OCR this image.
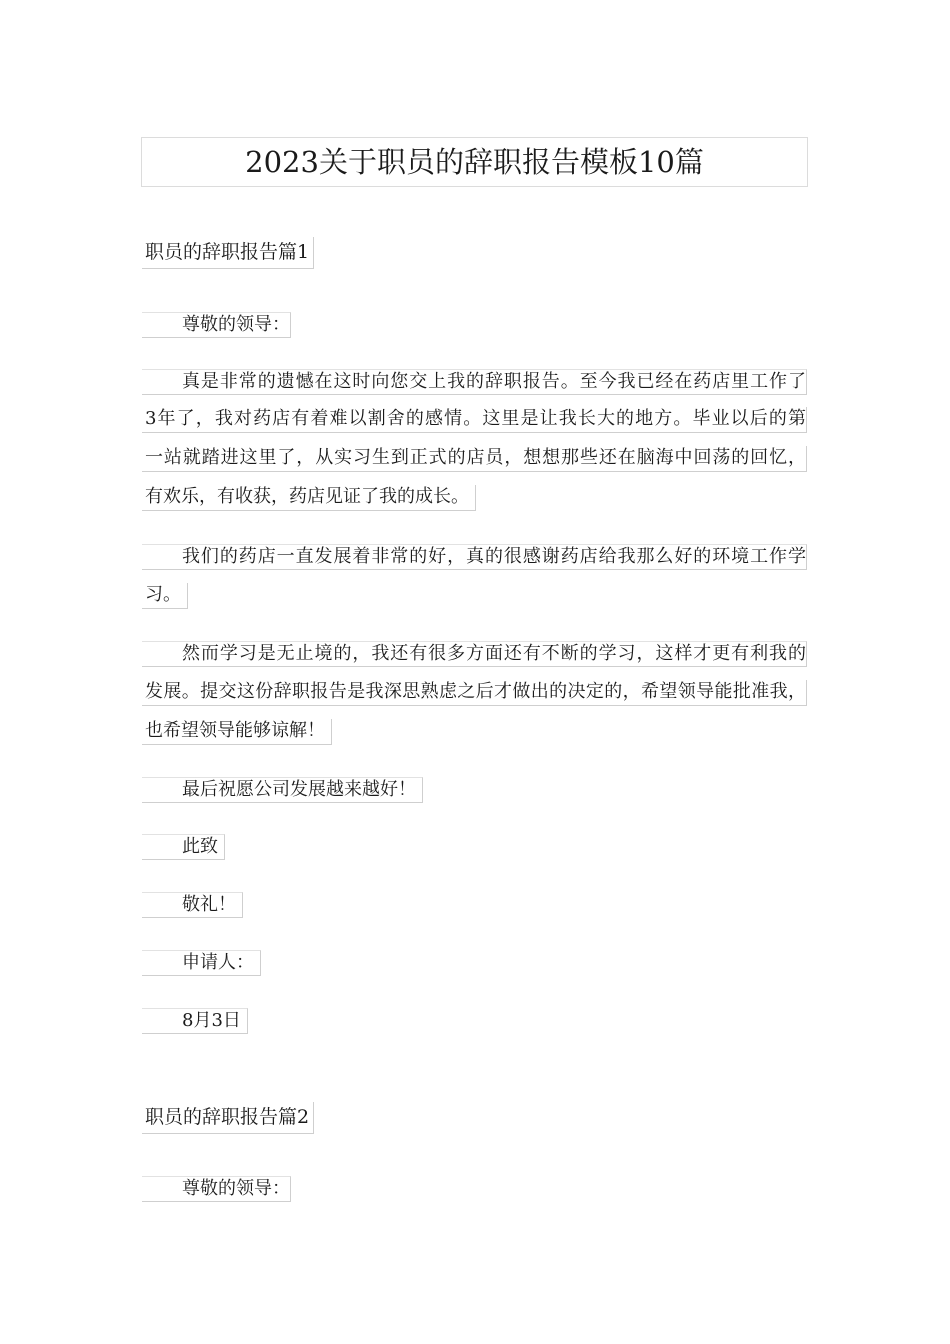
2023关于职员的辞职报告模板10篇
职员的辞职报告篇1
尊敬的领导：
真是非常的遗憾在这时向您交上我的辞职报告。至今我已经在药店里工作了
3年了，我对药店有着难以割舍的感情。这里是让我长大的地方。毕业以后的第
一站就踏进这里了，从实习生到正式的店员，想想那些还在脑海中回荡的回忆，
有欢乐，有收获，药店见证了我的成长。
我们的药店一直发展着非常的好，真的很感谢药店给我那么好的环境工作学
习。
然而学习是无止境的，我还有很多方面还有不断的学习，这样才更有利我的
发展。提交这份辞职报告是我深思熟虑之后才做出的决定的，希望领导能批准我，
也希望领导能够谅解！
最后祝愿公司发展越来越好！
此致
敬礼！
申请人：
8月3日
职员的辞职报告篇2
尊敬的领导：
